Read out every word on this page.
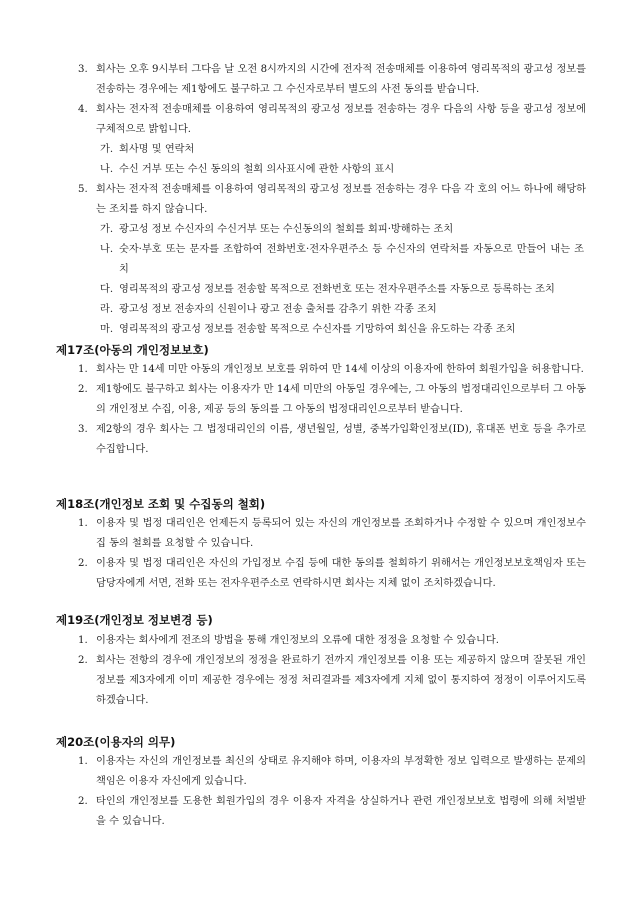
3. 회사는 오후 9시부터 그다음 날 오전 8시까지의 시간에 전자적 전송매체를 이용하여 영리목적의 광고성 정보를 전송하는 경우에는 제1항에도 불구하고 그 수신자로부터 별도의 사전 동의를 받습니다.

4. 회사는 전자적 전송매체를 이용하여 영리목적의 광고성 정보를 전송하는 경우 다음의 사항 등을 광고성 정보에 구체적으로 밝힙니다.

가. 회사명 및 연락처

나. 수신 거부 또는 수신 동의의 철회 의사표시에 관한 사항의 표시

5. 회사는 전자적 전송매체를 이용하여 영리목적의 광고성 정보를 전송하는 경우 다음 각 호의 어느 하나에 해당하는 조치를 하지 않습니다.

가. 광고성 정보 수신자의 수신거부 또는 수신동의의 철회를 회피·방해하는 조치

나. 숫자·부호 또는 문자를 조합하여 전화번호·전자우편주소 등 수신자의 연락처를 자동으로 만들어 내는 조치

다. 영리목적의 광고성 정보를 전송할 목적으로 전화번호 또는 전자우편주소를 자동으로 등록하는 조치

라. 광고성 정보 전송자의 신원이나 광고 전송 출처를 감추기 위한 각종 조치

마. 영리목적의 광고성 정보를 전송할 목적으로 수신자를 기망하여 회신을 유도하는 각종 조치

제17조(아동의 개인정보보호)
1. 회사는 만 14세 미만 아동의 개인정보 보호를 위하여 만 14세 이상의 이용자에 한하여 회원가입을 허용합니다.

2. 제1항에도 불구하고 회사는 이용자가 만 14세 미만의 아동일 경우에는, 그 아동의 법정대리인으로부터 그 아동의 개인정보 수집, 이용, 제공 등의 동의를 그 아동의 법정대리인으로부터 받습니다.

3. 제2항의 경우 회사는 그 법정대리인의 이름, 생년월일, 성별, 중복가입확인정보(ID), 휴대폰 번호 등을 추가로 수집합니다.

제18조(개인정보 조회 및 수집동의 철회)
1. 이용자 및 법정 대리인은 언제든지 등록되어 있는 자신의 개인정보를 조회하거나 수정할 수 있으며 개인정보수집 동의 철회를 요청할 수 있습니다.

2. 이용자 및 법정 대리인은 자신의 가입정보 수집 등에 대한 동의를 철회하기 위해서는 개인정보보호책임자 또는 담당자에게 서면, 전화 또는 전자우편주소로 연락하시면 회사는 지체 없이 조치하겠습니다.

제19조(개인정보 정보변경 등)
1. 이용자는 회사에게 전조의 방법을 통해 개인정보의 오류에 대한 정정을 요청할 수 있습니다.

2. 회사는 전항의 경우에 개인정보의 정정을 완료하기 전까지 개인정보를 이용 또는 제공하지 않으며 잘못된 개인정보를 제3자에게 이미 제공한 경우에는 정정 처리결과를 제3자에게 지체 없이 통지하여 정정이 이루어지도록 하겠습니다.

제20조(이용자의 의무)
1. 이용자는 자신의 개인정보를 최신의 상태로 유지해야 하며, 이용자의 부정확한 정보 입력으로 발생하는 문제의 책임은 이용자 자신에게 있습니다.

2. 타인의 개인정보를 도용한 회원가입의 경우 이용자 자격을 상실하거나 관련 개인정보보호 법령에 의해 처벌받을 수 있습니다.
